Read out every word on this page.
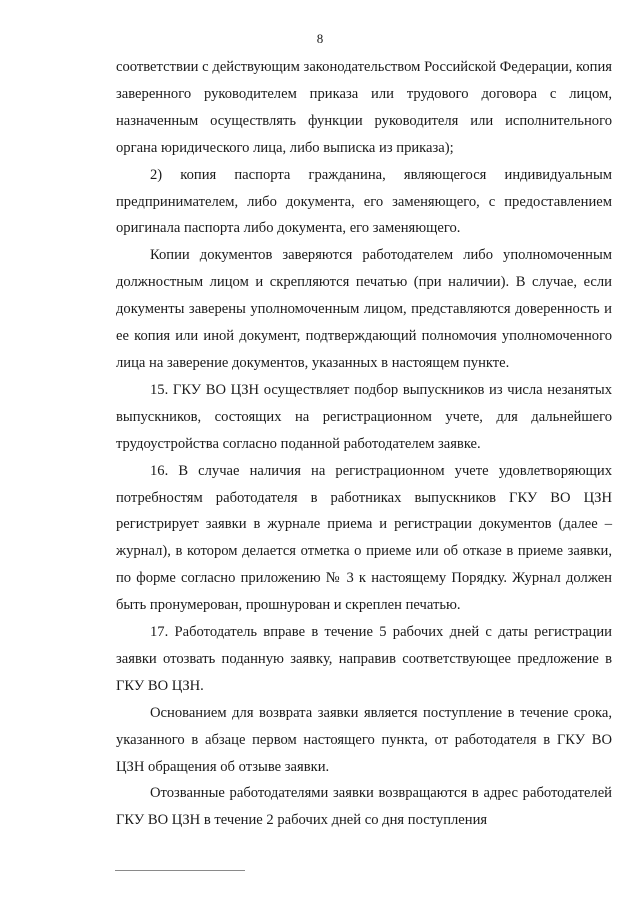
8

соответствии с действующим законодательством Российской Федерации, копия заверенного руководителем приказа или трудового договора с лицом, назначенным осуществлять функции руководителя или исполнительного органа юридического лица, либо выписка из приказа);

2) копия паспорта гражданина, являющегося индивидуальным предпринимателем, либо документа, его заменяющего, с предоставлением оригинала паспорта либо документа, его заменяющего.

Копии документов заверяются работодателем либо уполномоченным должностным лицом и скрепляются печатью (при наличии). В случае, если документы заверены уполномоченным лицом, представляются доверенность и ее копия или иной документ, подтверждающий полномочия уполномоченного лица на заверение документов, указанных в настоящем пункте.

15. ГКУ ВО ЦЗН осуществляет подбор выпускников из числа незанятых выпускников, состоящих на регистрационном учете, для дальнейшего трудоустройства согласно поданной работодателем заявке.

16. В случае наличия на регистрационном учете удовлетворяющих потребностям работодателя в работниках выпускников ГКУ ВО ЦЗН регистрирует заявки в журнале приема и регистрации документов (далее – журнал), в котором делается отметка о приеме или об отказе в приеме заявки, по форме согласно приложению № 3 к настоящему Порядку. Журнал должен быть пронумерован, прошнурован и скреплен печатью.

17. Работодатель вправе в течение 5 рабочих дней с даты регистрации заявки отозвать поданную заявку, направив соответствующее предложение в ГКУ ВО ЦЗН.

Основанием для возврата заявки является поступление в течение срока, указанного в абзаце первом настоящего пункта, от работодателя в ГКУ ВО ЦЗН обращения об отзыве заявки.

Отозванные работодателями заявки возвращаются в адрес работодателей ГКУ ВО ЦЗН в течение 2 рабочих дней со дня поступления
